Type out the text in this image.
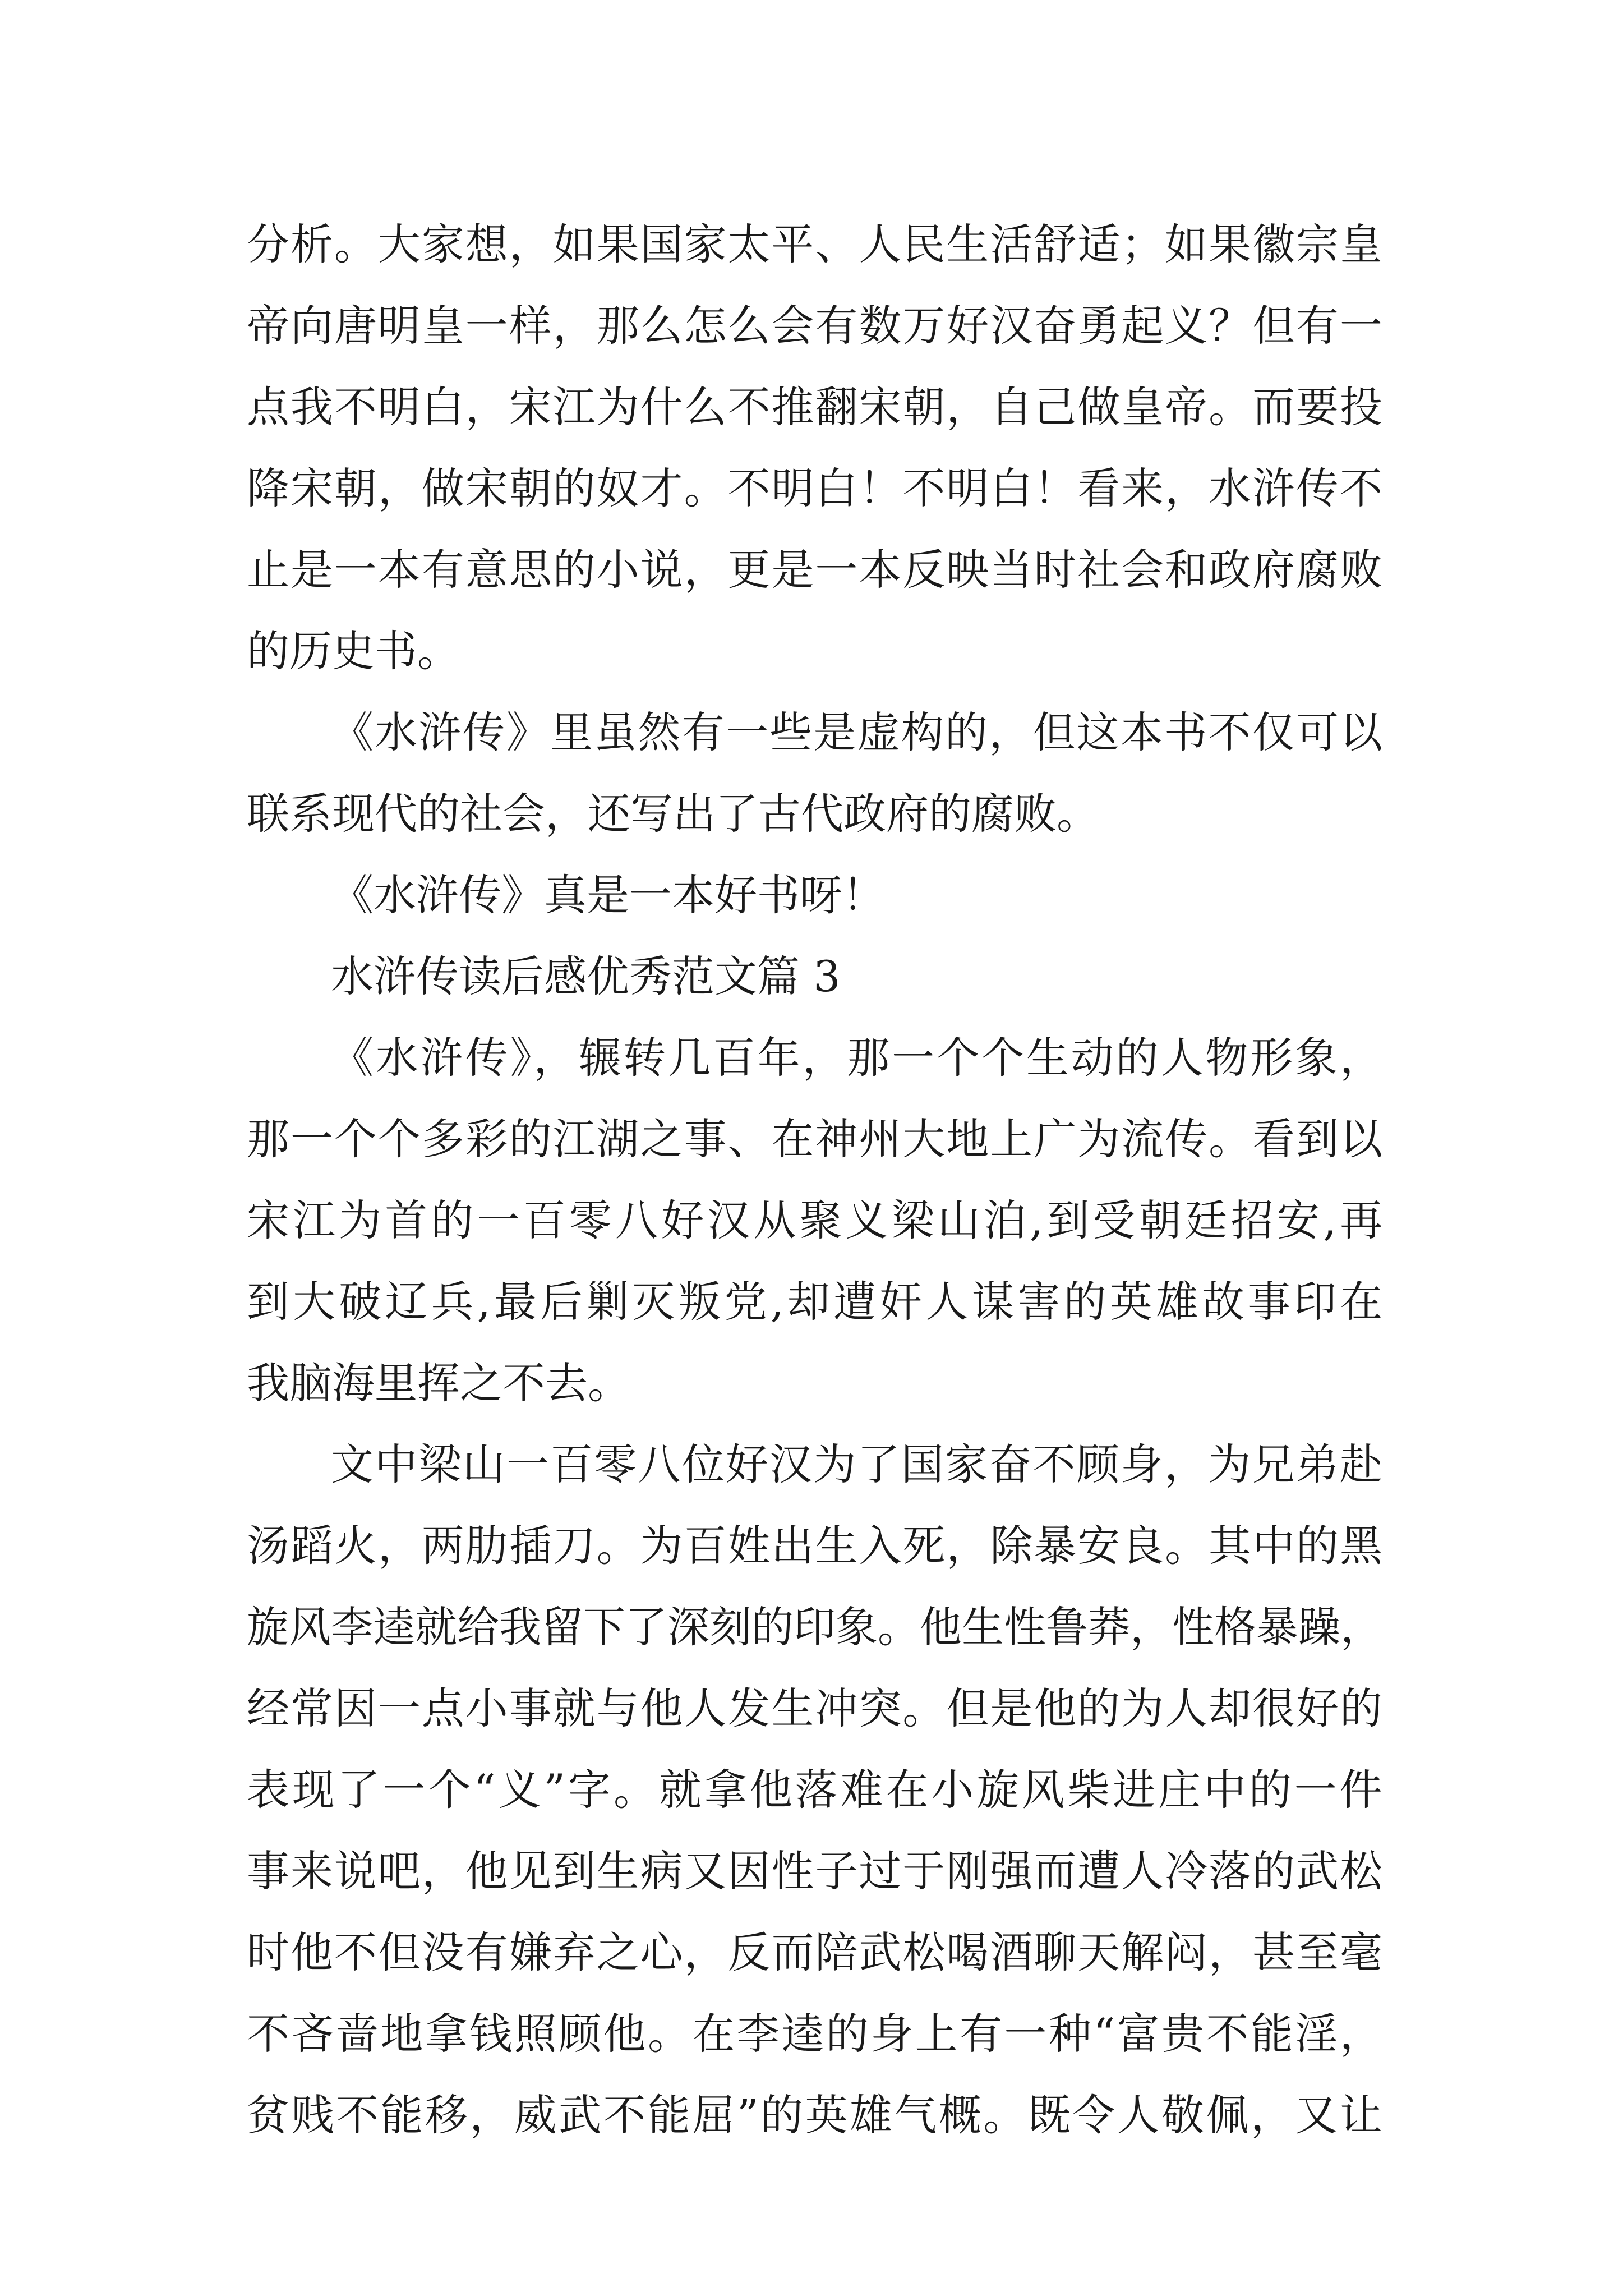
分析。大家想，如果国家太平、人民生活舒适；如果徽宗皇

帝向唐明皇一样，那么怎么会有数万好汉奋勇起义？但有一

点我不明白，宋江为什么不推翻宋朝，自己做皇帝。而要投

降宋朝，做宋朝的奴才。不明白！不明白！看来，水浒传不

止是一本有意思的小说，更是一本反映当时社会和政府腐败

的历史书。

《水浒传》里虽然有一些是虚构的，但这本书不仅可以

联系现代的社会，还写出了古代政府的腐败。

《水浒传》真是一本好书呀！

水浒传读后感优秀范文篇 3

《水浒传》，辗转几百年，那一个个生动的人物形象，

那一个个多彩的江湖之事、在神州大地上广为流传。看到以

宋江为首的一百零八好汉从聚义梁山泊,到受朝廷招安,再

到大破辽兵,最后剿灭叛党,却遭奸人谋害的英雄故事印在

我脑海里挥之不去。

文中梁山一百零八位好汉为了国家奋不顾身，为兄弟赴

汤蹈火，两肋插刀。为百姓出生入死，除暴安良。其中的黑

旋风李逵就给我留下了深刻的印象。他生性鲁莽，性格暴躁，

经常因一点小事就与他人发生冲突。但是他的为人却很好的

表现了一个“义”字。就拿他落难在小旋风柴进庄中的一件

事来说吧，他见到生病又因性子过于刚强而遭人冷落的武松

时他不但没有嫌弃之心，反而陪武松喝酒聊天解闷，甚至毫

不吝啬地拿钱照顾他。在李逵的身上有一种“富贵不能淫，

贫贱不能移，威武不能屈”的英雄气概。既令人敬佩，又让
